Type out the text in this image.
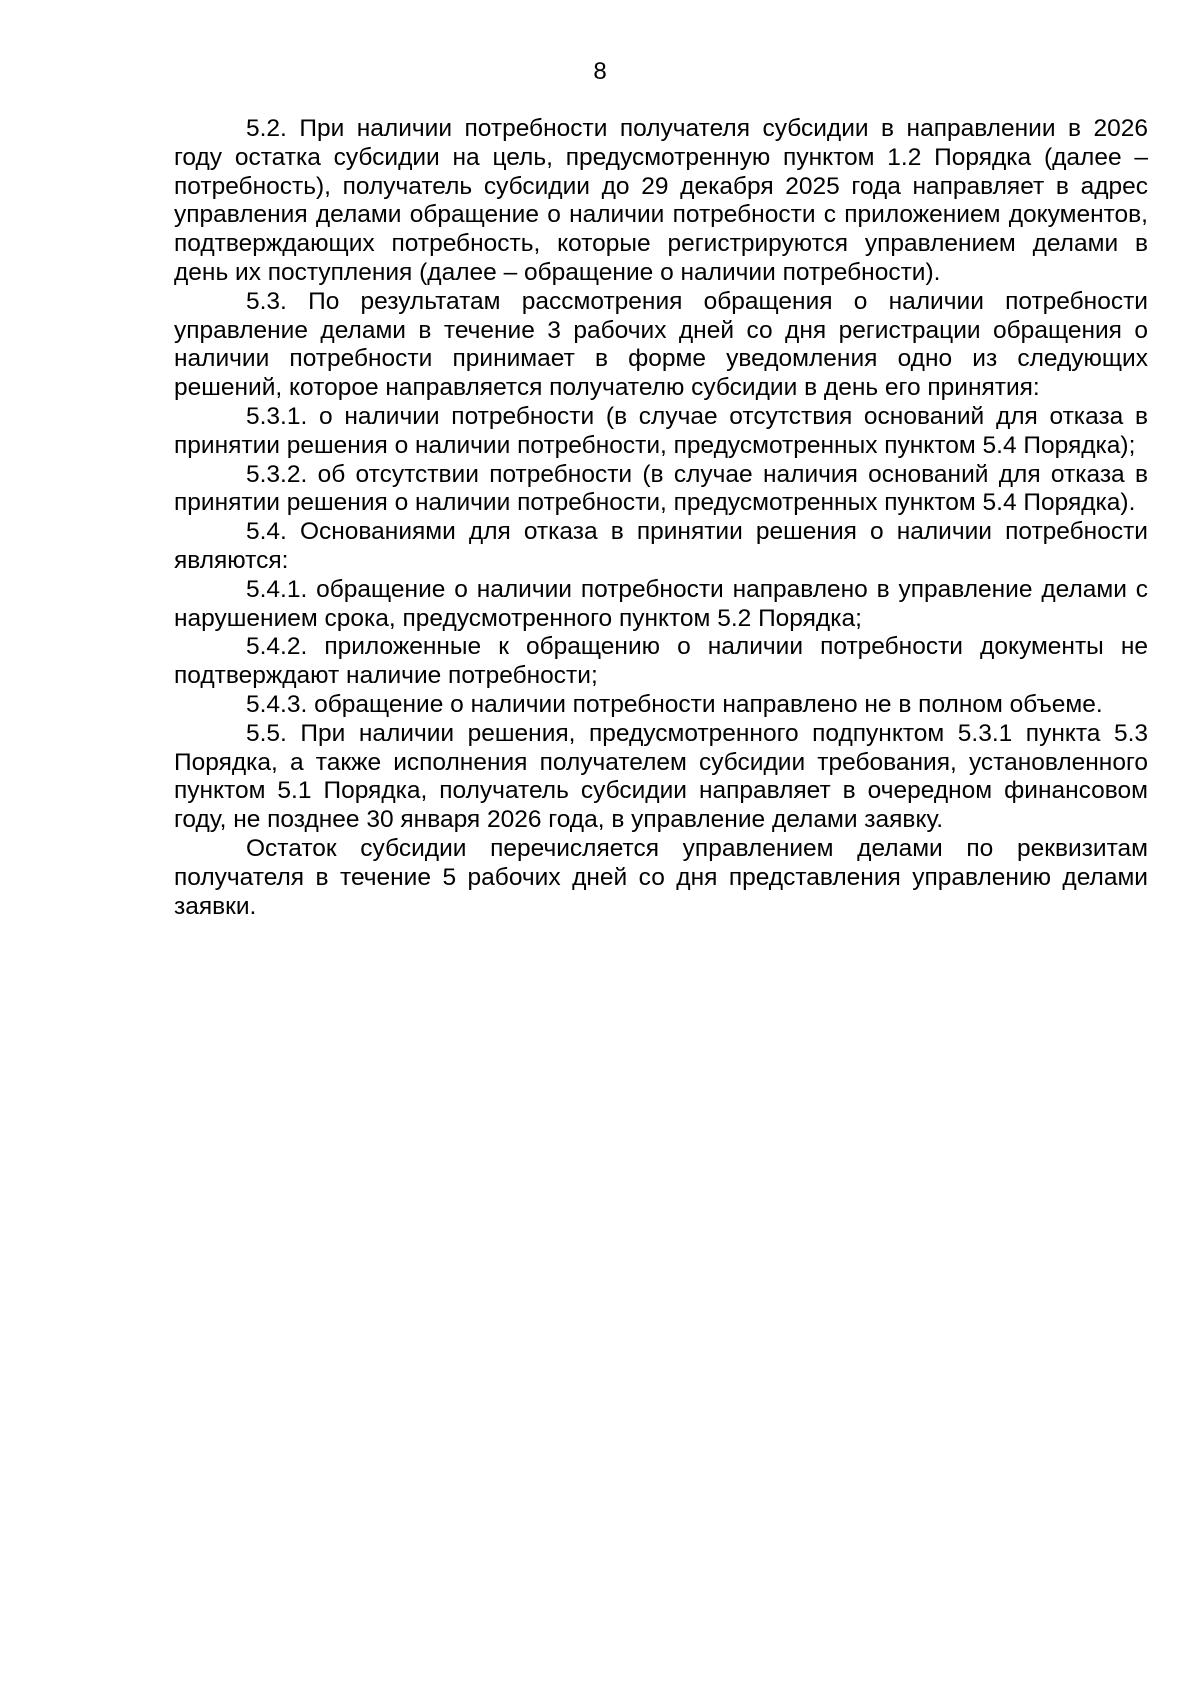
8

5.2. При наличии потребности получателя субсидии в направлении в 2026 году остатка субсидии на цель, предусмотренную пунктом 1.2 Порядка (далее – потребность), получатель субсидии до 29 декабря 2025 года направляет в адрес управления делами обращение о наличии потребности с приложением документов, подтверждающих потребность, которые регистрируются управлением делами в день их поступления (далее – обращение о наличии потребности).

5.3. По результатам рассмотрения обращения о наличии потребности управление делами в течение 3 рабочих дней со дня регистрации обращения о наличии потребности принимает в форме уведомления одно из следующих решений, которое направляется получателю субсидии в день его принятия:

5.3.1. о наличии потребности (в случае отсутствия оснований для отказа в принятии решения о наличии потребности, предусмотренных пунктом 5.4 Порядка);

5.3.2. об отсутствии потребности (в случае наличия оснований для отказа в принятии решения о наличии потребности, предусмотренных пунктом 5.4 Порядка).

5.4. Основаниями для отказа в принятии решения о наличии потребности являются:

5.4.1. обращение о наличии потребности направлено в управление делами с нарушением срока, предусмотренного пунктом 5.2 Порядка;

5.4.2. приложенные к обращению о наличии потребности документы не подтверждают наличие потребности;

5.4.3. обращение о наличии потребности направлено не в полном объеме.

5.5. При наличии решения, предусмотренного подпунктом 5.3.1 пункта 5.3 Порядка, а также исполнения получателем субсидии требования, установленного пунктом 5.1 Порядка, получатель субсидии направляет в очередном финансовом году, не позднее 30 января 2026 года, в управление делами заявку.

Остаток субсидии перечисляется управлением делами по реквизитам получателя в течение 5 рабочих дней со дня представления управлению делами заявки.
